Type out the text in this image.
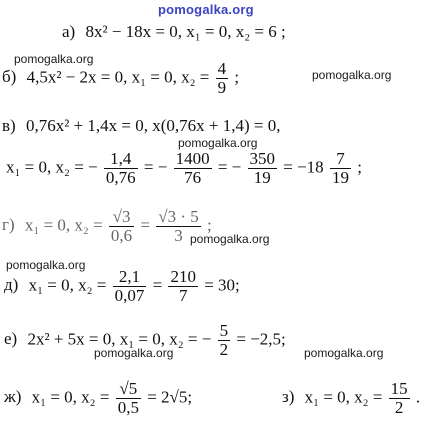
pomogalka.org
pomogalka.org
pomogalka.org
pomogalka.org
pomogalka.org
pomogalka.org
pomogalka.org	pomogalka.org
а) 8x² − 18x = 0, x₁ = 0, x₂ = 6 ;
б) 4,5x² − 2x = 0, x₁ = 0, $x_2 = \frac{4}{9}$ ;
в) 0,76x² + 1,4x = 0, x(0,76x + 1,4) = 0,
x₁ = 0, x₂ = − $\frac{1,4}{0,76}$ = − $\frac{1400}{76}$ = − $\frac{350}{19} = -18 \frac{7}{19}$ ;
г) x₁ = 0, $x_2 = \frac{√3}{0,6} = \frac{√3 \cdot 5}{3}$ ;
д) x₁ = 0, $x_2 = \frac{2,1}{0,07} = \frac{210}{7} = 30$;
е) 2x² + 5x = 0, x₁ = 0, x₂ = − $\frac{5}{2} = -2,5$;
ж) x₁ = 0, $x_2 = \frac{√5}{0,5} = 2√5$;	з) x₁ = 0, $x_2 = \frac{15}{2}$ .
